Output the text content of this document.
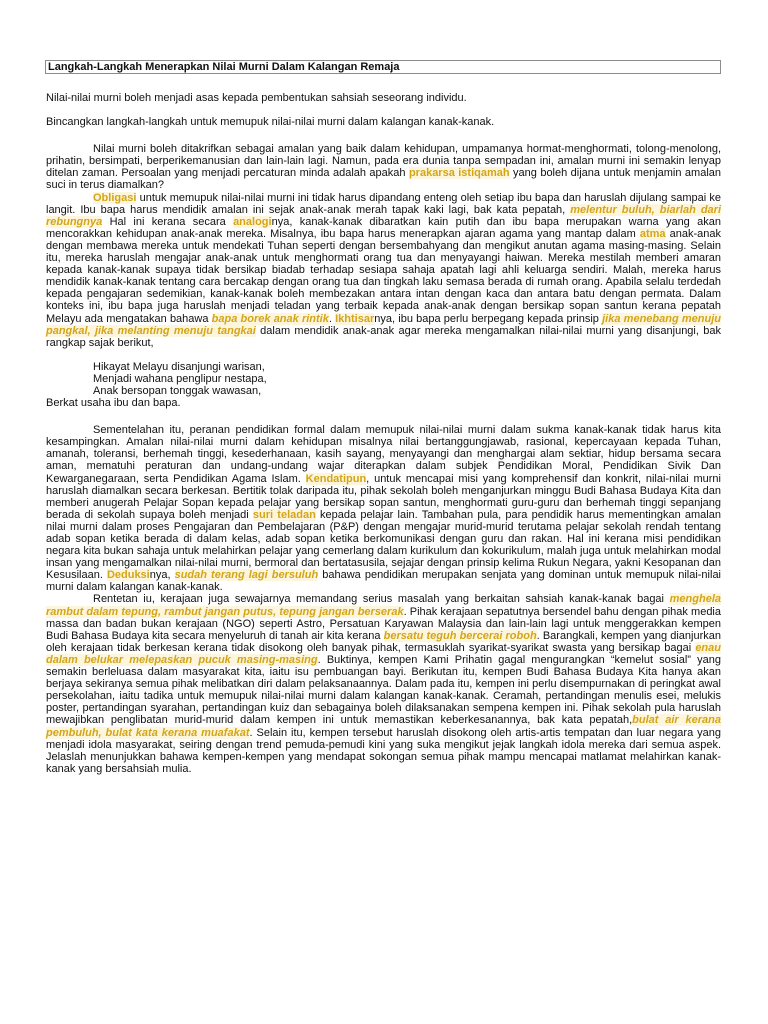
Langkah-Langkah Menerapkan Nilai Murni Dalam Kalangan Remaja

Nilai-nilai murni boleh menjadi asas kepada pembentukan sahsiah seseorang individu.

Bincangkan langkah-langkah untuk memupuk nilai-nilai murni dalam kalangan kanak-kanak.

Nilai murni boleh ditakrifkan sebagai amalan yang baik dalam kehidupan, umpamanya hormat-menghormati, tolong-menolong, prihatin, bersimpati, berperikemanusian dan lain-lain lagi. Namun, pada era dunia tanpa sempadan ini, amalan murni ini semakin lenyap ditelan zaman. Persoalan yang menjadi percaturan minda adalah apakah prakarsa istiqamah yang boleh dijana untuk menjamin amalan suci in terus diamalkan?

Obligasi untuk memupuk nilai-nilai murni ini tidak harus dipandang enteng oleh setiap ibu bapa dan haruslah dijulang sampai ke langit. Ibu bapa harus mendidik amalan ini sejak anak-anak merah tapak kaki lagi, bak kata pepatah, melentur buluh, biarlah dari rebungnya Hal ini kerana secara analoginya, kanak-kanak dibaratkan kain putih dan ibu bapa merupakan warna yang akan mencorakkan kehidupan anak-anak mereka. Misalnya, ibu bapa harus menerapkan ajaran agama yang mantap dalam atma anak-anak dengan membawa mereka untuk mendekati Tuhan seperti dengan bersembahyang dan mengikut anutan agama masing-masing. Selain itu, mereka haruslah mengajar anak-anak untuk menghormati orang tua dan menyayangi haiwan. Mereka mestilah memberi amaran kepada kanak-kanak supaya tidak bersikap biadab terhadap sesiapa sahaja apatah lagi ahli keluarga sendiri. Malah, mereka harus mendidik kanak-kanak tentang cara bercakap dengan orang tua dan tingkah laku semasa berada di rumah orang. Apabila selalu terdedah kepada pengajaran sedemikian, kanak-kanak boleh membezakan antara intan dengan kaca dan antara batu dengan permata. Dalam konteks ini, ibu bapa juga haruslah menjadi teladan yang terbaik kepada anak-anak dengan bersikap sopan santun kerana pepatah Melayu ada mengatakan bahawa bapa borek anak rintik. Ikhtisarnya, ibu bapa perlu berpegang kepada prinsip jika menebang menuju pangkal, jika melanting menuju tangkai dalam mendidik anak-anak agar mereka mengamalkan nilai-nilai murni yang disanjungi, bak rangkap sajak berikut,

Hikayat Melayu disanjungi warisan,
Menjadi wahana penglipur nestapa,
Anak bersopan tonggak wawasan,
Berkat usaha ibu dan bapa.

Sementelahan itu, peranan pendidikan formal dalam memupuk nilai-nilai murni dalam sukma kanak-kanak tidak harus kita kesampingkan. Amalan nilai-nilai murni dalam kehidupan misalnya nilai bertanggungjawab, rasional, kepercayaan kepada Tuhan, amanah, toleransi, berhemah tinggi, kesederhanaan, kasih sayang, menyayangi dan menghargai alam sektiar, hidup bersama secara aman, mematuhi peraturan dan undang-undang wajar diterapkan dalam subjek Pendidikan Moral, Pendidikan Sivik Dan Kewarganegaraan, serta Pendidikan Agama Islam. Kendatipun, untuk mencapai misi yang komprehensif dan konkrit, nilai-nilai murni haruslah diamalkan secara berkesan. Bertitik tolak daripada itu, pihak sekolah boleh menganjurkan minggu Budi Bahasa Budaya Kita dan memberi anugerah Pelajar Sopan kepada pelajar yang bersikap sopan santun, menghormati guru-guru dan berhemah tinggi sepanjang berada di sekolah supaya boleh menjadi suri teladan kepada pelajar lain. Tambahan pula, para pendidik harus mementingkan amalan nilai murni dalam proses Pengajaran dan Pembelajaran (P&P) dengan mengajar murid-murid terutama pelajar sekolah rendah tentang adab sopan ketika berada di dalam kelas, adab sopan ketika berkomunikasi dengan guru dan rakan. Hal ini kerana misi pendidikan negara kita bukan sahaja untuk melahirkan pelajar yang cemerlang dalam kurikulum dan kokurikulum, malah juga untuk melahirkan modal insan yang mengamalkan nilai-nilai murni, bermoral dan bertatasusila, sejajar dengan prinsip kelima Rukun Negara, yakni Kesopanan dan Kesusilaan. Deduksinya, sudah terang lagi bersuluh bahawa pendidikan merupakan senjata yang dominan untuk memupuk nilai-nilai murni dalam kalangan kanak-kanak.

Rentetan iu, kerajaan juga sewajarnya memandang serius masalah yang berkaitan sahsiah kanak-kanak bagai menghela rambut dalam tepung, rambut jangan putus, tepung jangan berserak. Pihak kerajaan sepatutnya bersendel bahu dengan pihak media massa dan badan bukan kerajaan (NGO) seperti Astro, Persatuan Karyawan Malaysia dan lain-lain lagi untuk menggerakkan kempen Budi Bahasa Budaya kita secara menyeluruh di tanah air kita kerana bersatu teguh bercerai roboh. Barangkali, kempen yang dianjurkan oleh kerajaan tidak berkesan kerana tidak disokong oleh banyak pihak, termasuklah syarikat-syarikat swasta yang bersikap bagai enau dalam belukar melepaskan pucuk masing-masing. Buktinya, kempen Kami Prihatin gagal mengurangkan “kemelut sosial” yang semakin berleluasa dalam masyarakat kita, iaitu isu pembuangan bayi. Berikutan itu, kempen Budi Bahasa Budaya Kita hanya akan berjaya sekiranya semua pihak melibatkan diri dalam pelaksanaannya. Dalam pada itu, kempen ini perlu disempurnakan di peringkat awal persekolahan, iaitu tadika untuk memupuk nilai-nilai murni dalam kalangan kanak-kanak. Ceramah, pertandingan menulis esei, melukis poster, pertandingan syarahan, pertandingan kuiz dan sebagainya boleh dilaksanakan sempena kempen ini. Pihak sekolah pula haruslah mewajibkan penglibatan murid-murid dalam kempen ini untuk memastikan keberkesanannya, bak kata pepatah,bulat air kerana pembuluh, bulat kata kerana muafakat. Selain itu, kempen tersebut haruslah disokong oleh artis-artis tempatan dan luar negara yang menjadi idola masyarakat, seiring dengan trend pemuda-pemudi kini yang suka mengikut jejak langkah idola mereka dari semua aspek. Jelaslah menunjukkan bahawa kempen-kempen yang mendapat sokongan semua pihak mampu mencapai matlamat melahirkan kanak-kanak yang bersahsiah mulia.
